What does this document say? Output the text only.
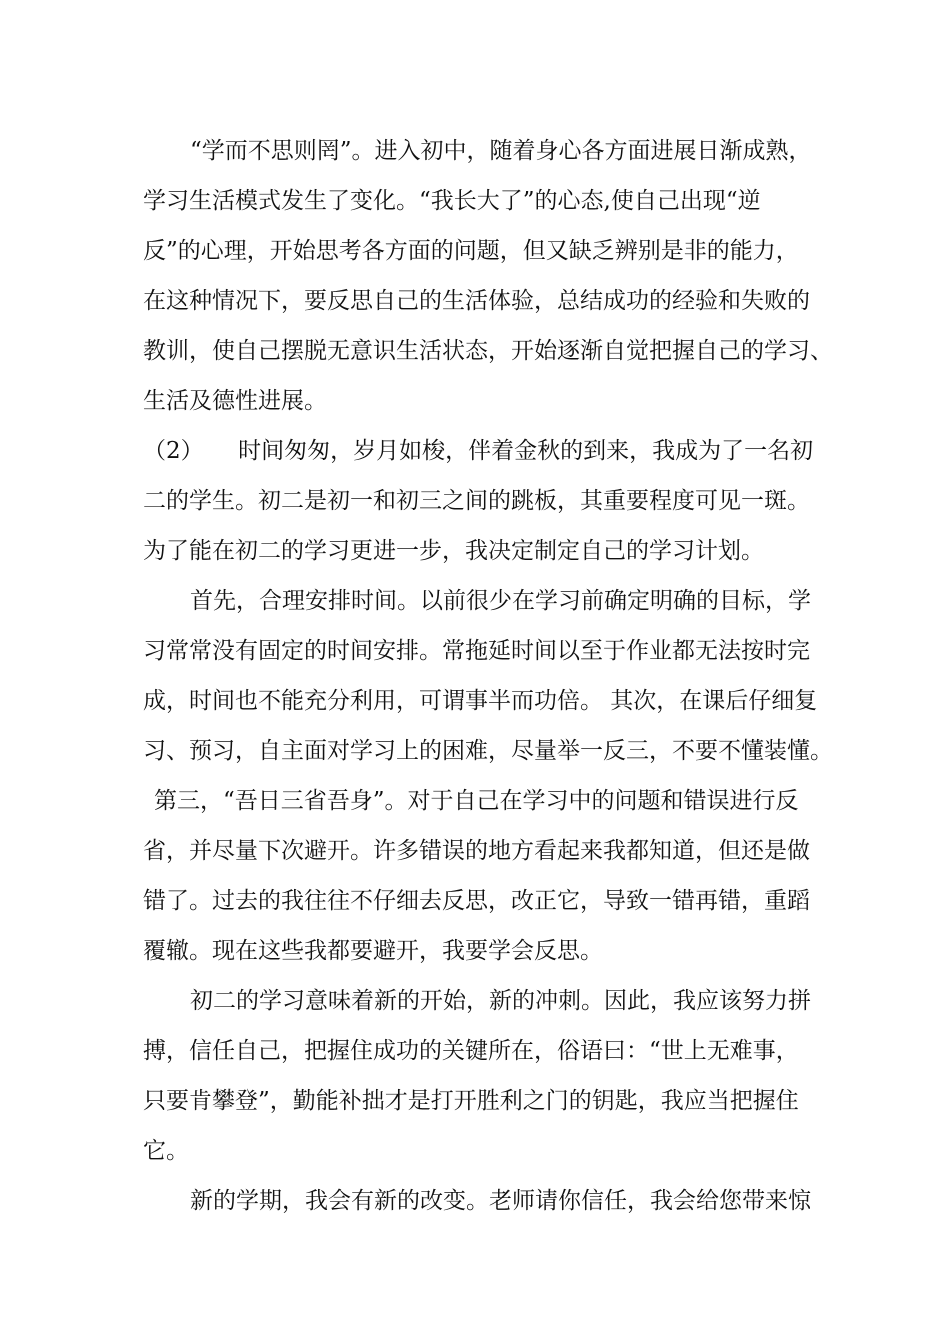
“学而不思则罔”。进入初中，随着身心各方面进展日渐成熟，

学习生活模式发生了变化。“我长大了”的心态,使自己出现“逆

反”的心理，开始思考各方面的问题，但又缺乏辨别是非的能力，

在这种情况下，要反思自己的生活体验，总结成功的经验和失败的

教训，使自己摆脱无意识生活状态，开始逐渐自觉把握自己的学习、

生活及德性进展。

（2）　　时间匆匆，岁月如梭，伴着金秋的到来，我成为了一名初

二的学生。初二是初一和初三之间的跳板，其重要程度可见一斑。

为了能在初二的学习更进一步，我决定制定自己的学习计划。

首先，合理安排时间。以前很少在学习前确定明确的目标，学

习常常没有固定的时间安排。常拖延时间以至于作业都无法按时完

成，时间也不能充分利用，可谓事半而功倍。 其次，在课后仔细复

习、预习，自主面对学习上的困难，尽量举一反三，不要不懂装懂。

第三，“吾日三省吾身”。对于自己在学习中的问题和错误进行反

省，并尽量下次避开。许多错误的地方看起来我都知道，但还是做

错了。过去的我往往不仔细去反思，改正它，导致一错再错，重蹈

覆辙。现在这些我都要避开，我要学会反思。

初二的学习意味着新的开始，新的冲刺。因此，我应该努力拼

搏，信任自己，把握住成功的关键所在，俗语曰：“世上无难事，

只要肯攀登”，勤能补拙才是打开胜利之门的钥匙，我应当把握住

它。

新的学期，我会有新的改变。老师请你信任，我会给您带来惊
